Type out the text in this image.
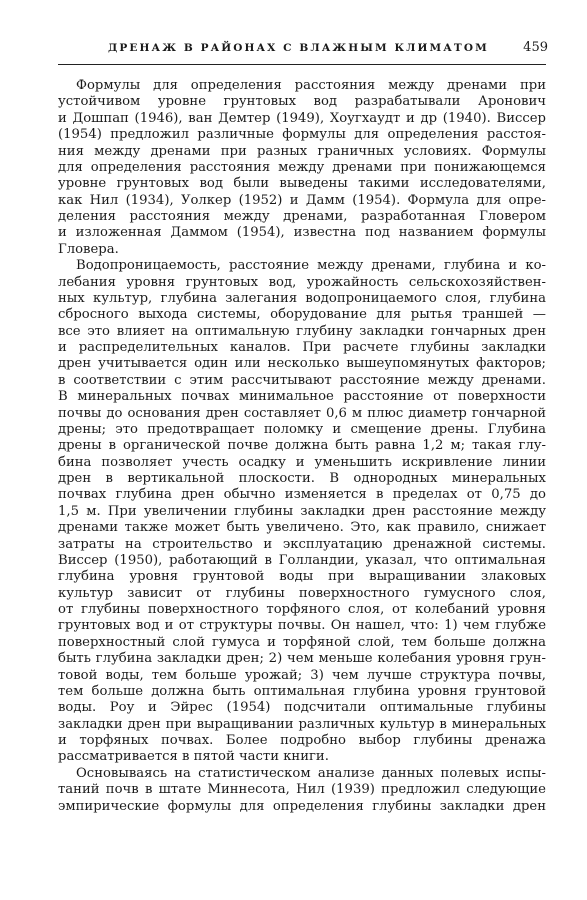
ДРЕНАЖ В РАЙОНАХ С ВЛАЖНЫМ КЛИМАТОМ	459
Формулы для определения расстояния между дренами при
устойчивом уровне грунтовых вод разрабатывали Аронович
и Дошпап (1946), ван Демтер (1949), Хоугхаудт и др (1940). Виссер
(1954) предложил различные формулы для определения расстоя-
ния между дренами при разных граничных условиях. Формулы
для определения расстояния между дренами при понижающемся
уровне грунтовых вод были выведены такими исследователями,
как Нил (1934), Уолкер (1952) и Дамм (1954). Формула для опре-
деления расстояния между дренами, разработанная Гловером
и изложенная Даммом (1954), известна под названием формулы
Гловера.
Водопроницаемость, расстояние между дренами, глубина и ко-
лебания уровня грунтовых вод, урожайность сельскохозяйствен-
ных культур, глубина залегания водопроницаемого слоя, глубина
сбросного выхода системы, оборудование для рытья траншей —
все это влияет на оптимальную глубину закладки гончарных дрен
и распределительных каналов. При расчете глубины закладки
дрен учитывается один или несколько вышеупомянутых факторов;
в соответствии с этим рассчитывают расстояние между дренами.
В минеральных почвах минимальное расстояние от поверхности
почвы до основания дрен составляет 0,6 м плюс диаметр гончарной
дрены; это предотвращает поломку и смещение дрены. Глубина
дрены в органической почве должна быть равна 1,2 м; такая глу-
бина позволяет учесть осадку и уменьшить искривление линии
дрен в вертикальной плоскости. В однородных минеральных
почвах глубина дрен обычно изменяется в пределах от 0,75 до
1,5 м. При увеличении глубины закладки дрен расстояние между
дренами также может быть увеличено. Это, как правило, снижает
затраты на строительство и эксплуатацию дренажной системы.
Виссер (1950), работающий в Голландии, указал, что оптимальная
глубина уровня грунтовой воды при выращивании злаковых
культур зависит от глубины поверхностного гумусного слоя,
от глубины поверхностного торфяного слоя, от колебаний уровня
грунтовых вод и от структуры почвы. Он нашел, что: 1) чем глубже
поверхностный слой гумуса и торфяной слой, тем больше должна
быть глубина закладки дрен; 2) чем меньше колебания уровня грун-
товой воды, тем больше урожай; 3) чем лучше структура почвы,
тем больше должна быть оптимальная глубина уровня грунтовой
воды. Роу и Эйрес (1954) подсчитали оптимальные глубины
закладки дрен при выращивании различных культур в минеральных
и торфяных почвах. Более подробно выбор глубины дренажа
рассматривается в пятой части книги.
Основываясь на статистическом анализе данных полевых испы-
таний почв в штате Миннесота, Нил (1939) предложил следующие
эмпирические формулы для определения глубины закладки дрен
